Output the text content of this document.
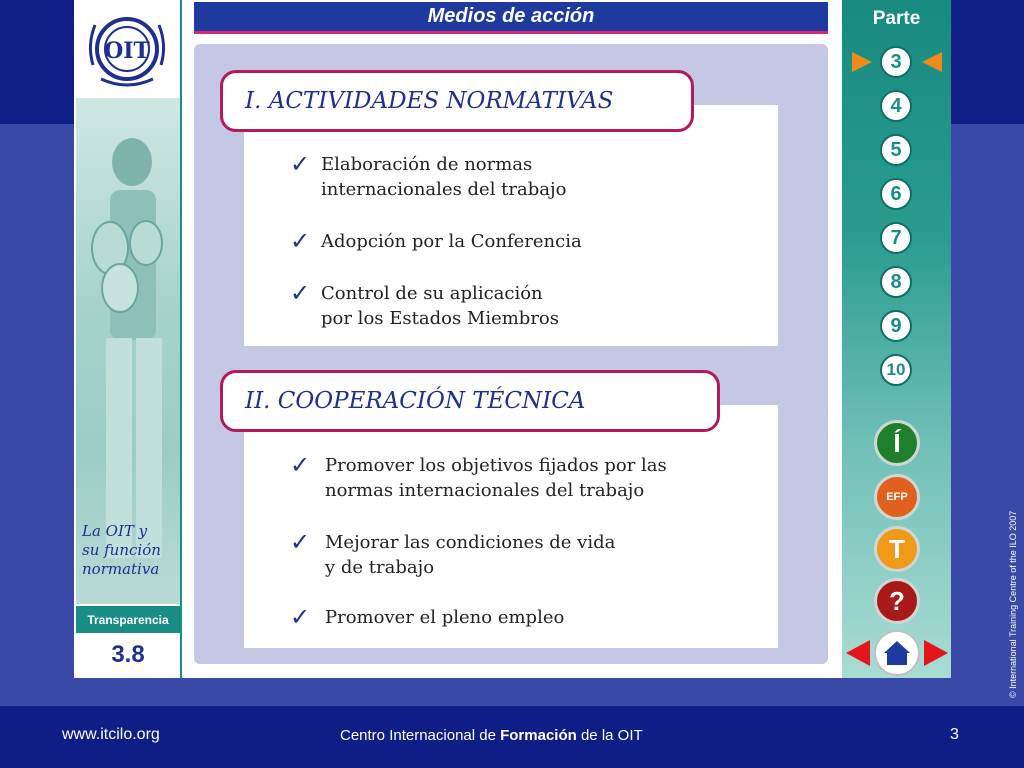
OIT
La OIT y
su función
normativa
Transparencia
3.8
Medios de acción
I. ACTIVIDADES NORMATIVAS
✓ Elaboración de normas
internacionales del trabajo
✓ Adopción por la Conferencia
✓ Control de su aplicación
por los Estados Miembros
II. COOPERACIÓN TÉCNICA
✓ Promover los objetivos fijados por las
normas internacionales del trabajo
✓ Mejorar las condiciones de vida
y de trabajo
✓ Promover el pleno empleo
Parte
3
4
5
6
7
8
9
10
Í
EFP
T
?	© International Training Centre of the ILO 2007
www.itcilo.org	Centro Internacional de Formación de la OIT	3
